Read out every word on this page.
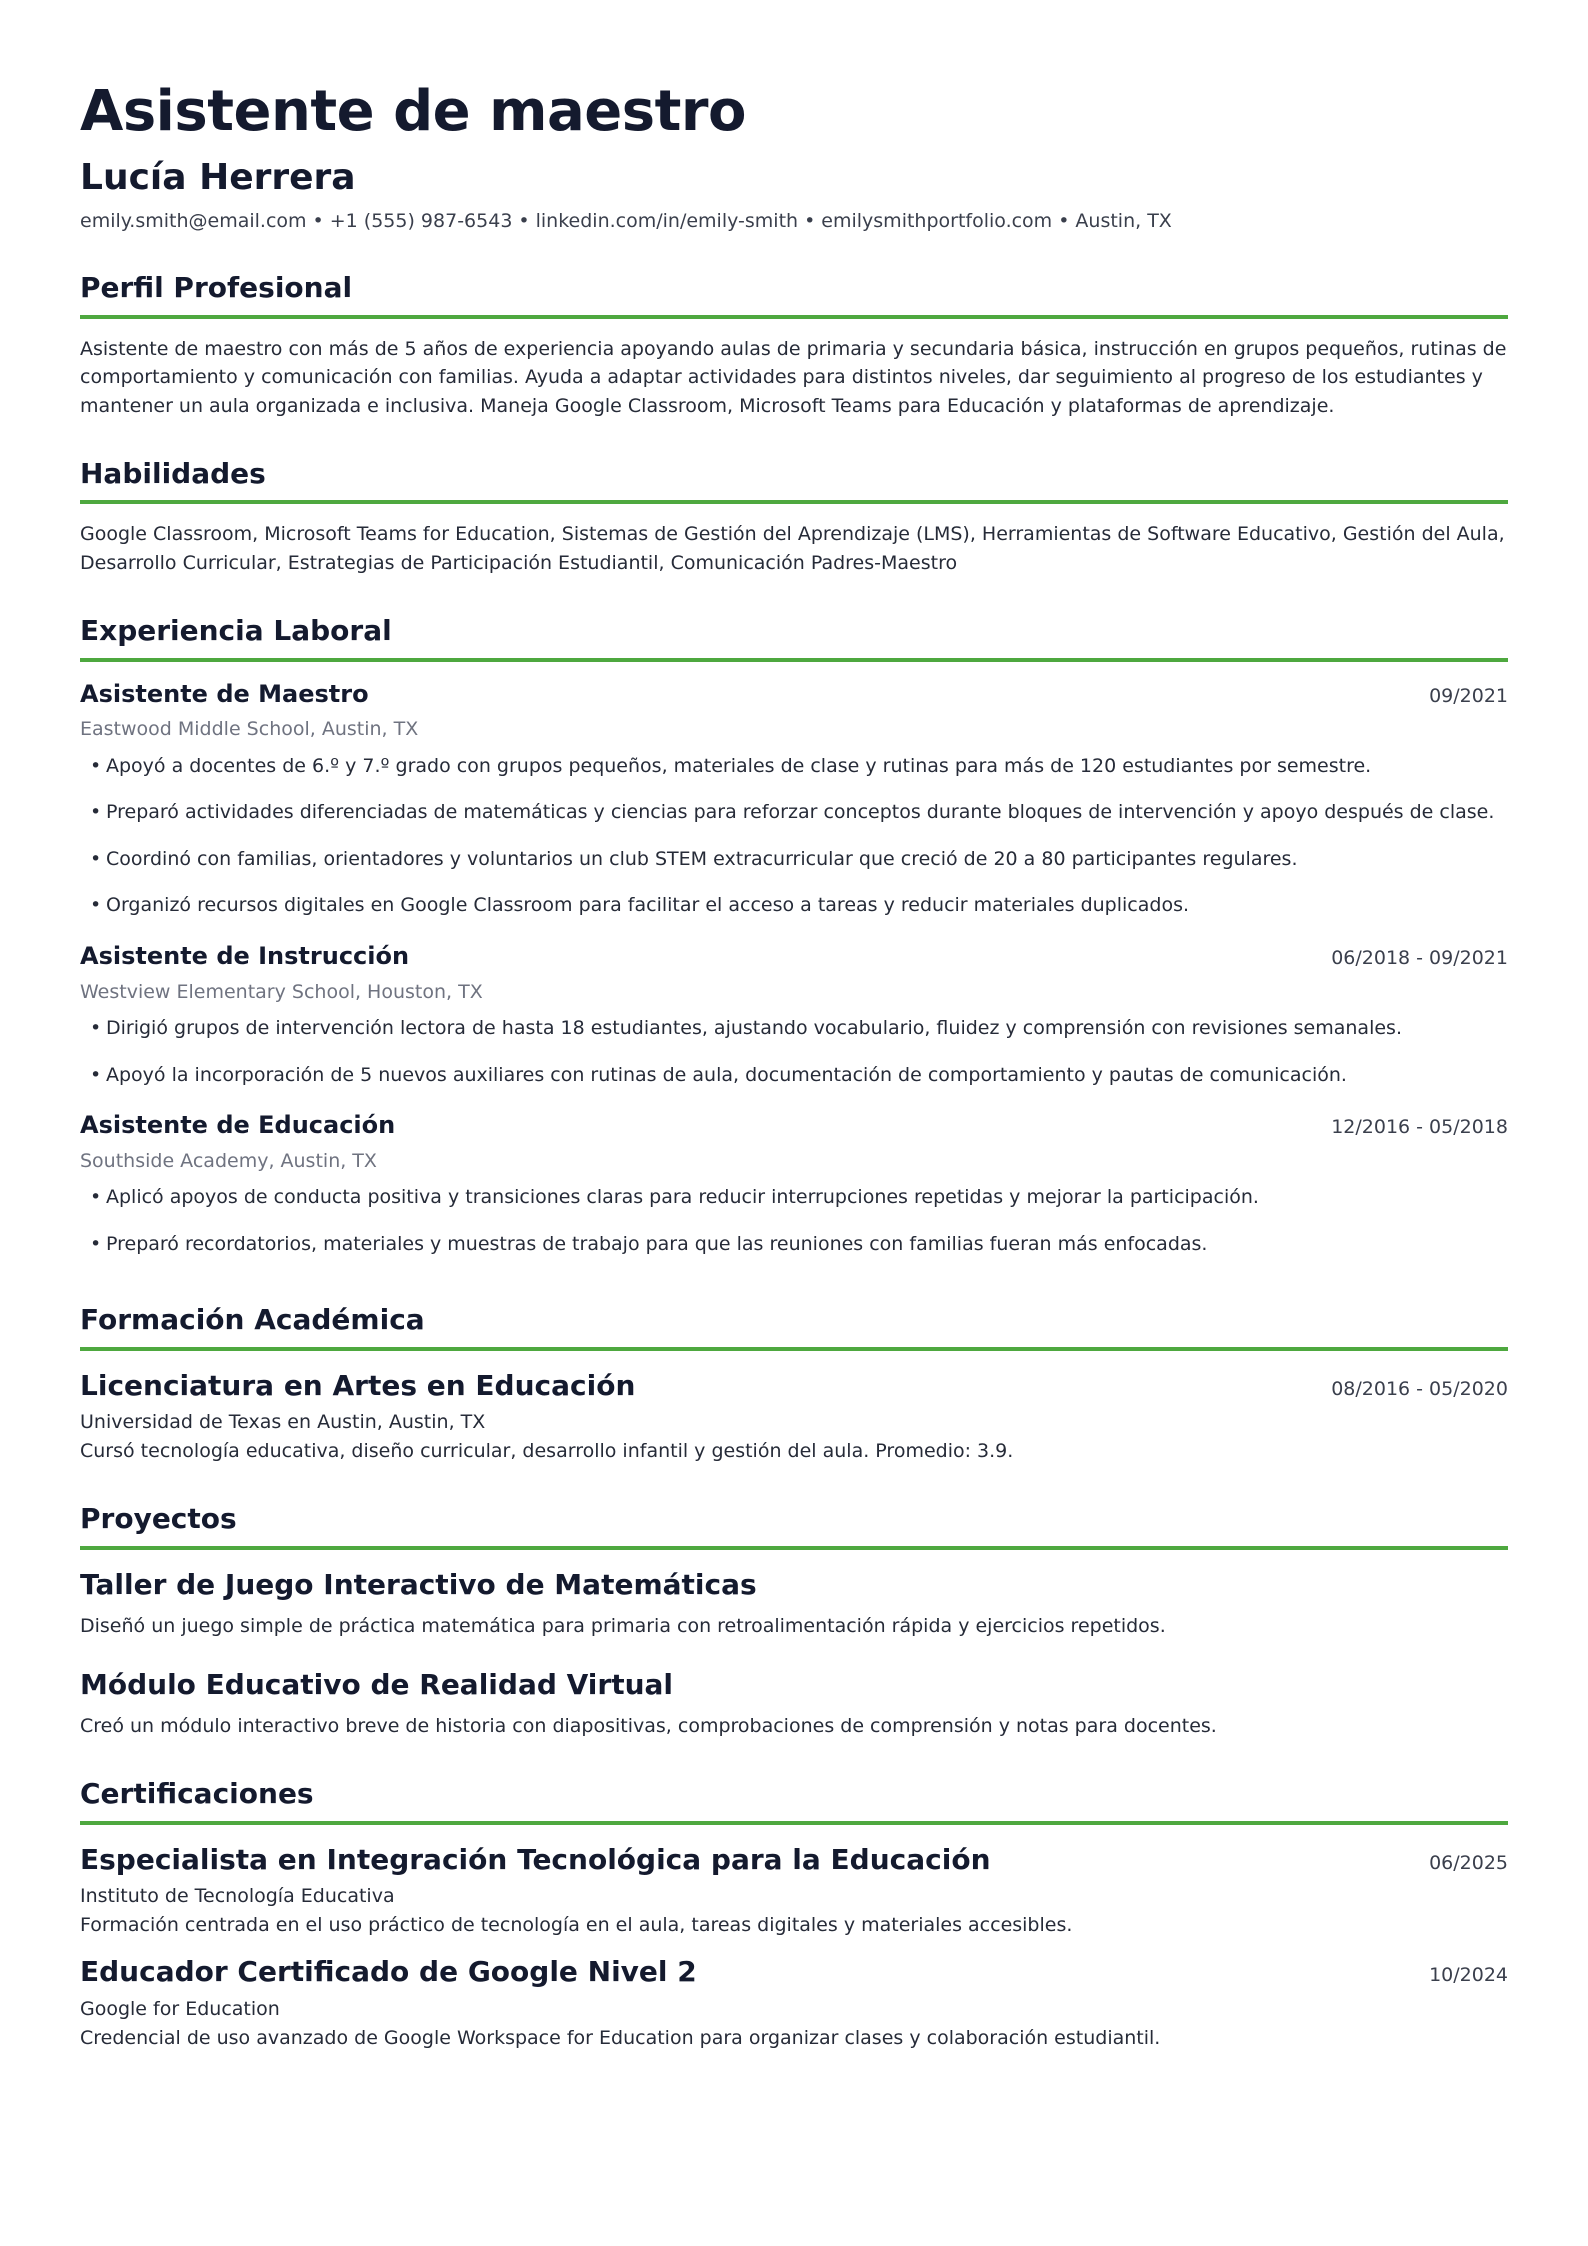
Asistente de maestro
Lucía Herrera
emily.smith@email.com • +1 (555) 987-6543 • linkedin.com/in/emily-smith • emilysmithportfolio.com • Austin, TX
Perfil Profesional
Asistente de maestro con más de 5 años de experiencia apoyando aulas de primaria y secundaria básica, instrucción en grupos pequeños, rutinas de comportamiento y comunicación con familias. Ayuda a adaptar actividades para distintos niveles, dar seguimiento al progreso de los estudiantes y mantener un aula organizada e inclusiva. Maneja Google Classroom, Microsoft Teams para Educación y plataformas de aprendizaje.
Habilidades
Google Classroom, Microsoft Teams for Education, Sistemas de Gestión del Aprendizaje (LMS), Herramientas de Software Educativo, Gestión del Aula, Desarrollo Curricular, Estrategias de Participación Estudiantil, Comunicación Padres-Maestro
Experiencia Laboral
Asistente de Maestro	09/2021
Eastwood Middle School, Austin, TX
• Apoyó a docentes de 6.º y 7.º grado con grupos pequeños, materiales de clase y rutinas para más de 120 estudiantes por semestre.
• Preparó actividades diferenciadas de matemáticas y ciencias para reforzar conceptos durante bloques de intervención y apoyo después de clase.
• Coordinó con familias, orientadores y voluntarios un club STEM extracurricular que creció de 20 a 80 participantes regulares.
• Organizó recursos digitales en Google Classroom para facilitar el acceso a tareas y reducir materiales duplicados.
Asistente de Instrucción	06/2018 - 09/2021
Westview Elementary School, Houston, TX
• Dirigió grupos de intervención lectora de hasta 18 estudiantes, ajustando vocabulario, fluidez y comprensión con revisiones semanales.
• Apoyó la incorporación de 5 nuevos auxiliares con rutinas de aula, documentación de comportamiento y pautas de comunicación.
Asistente de Educación	12/2016 - 05/2018
Southside Academy, Austin, TX
• Aplicó apoyos de conducta positiva y transiciones claras para reducir interrupciones repetidas y mejorar la participación.
• Preparó recordatorios, materiales y muestras de trabajo para que las reuniones con familias fueran más enfocadas.
Formación Académica
Licenciatura en Artes en Educación	08/2016 - 05/2020
Universidad de Texas en Austin, Austin, TX
Cursó tecnología educativa, diseño curricular, desarrollo infantil y gestión del aula. Promedio: 3.9.
Proyectos
Taller de Juego Interactivo de Matemáticas
Diseñó un juego simple de práctica matemática para primaria con retroalimentación rápida y ejercicios repetidos.
Módulo Educativo de Realidad Virtual
Creó un módulo interactivo breve de historia con diapositivas, comprobaciones de comprensión y notas para docentes.
Certificaciones
Especialista en Integración Tecnológica para la Educación	06/2025
Instituto de Tecnología Educativa
Formación centrada en el uso práctico de tecnología en el aula, tareas digitales y materiales accesibles.
Educador Certificado de Google Nivel 2	10/2024
Google for Education
Credencial de uso avanzado de Google Workspace for Education para organizar clases y colaboración estudiantil.
